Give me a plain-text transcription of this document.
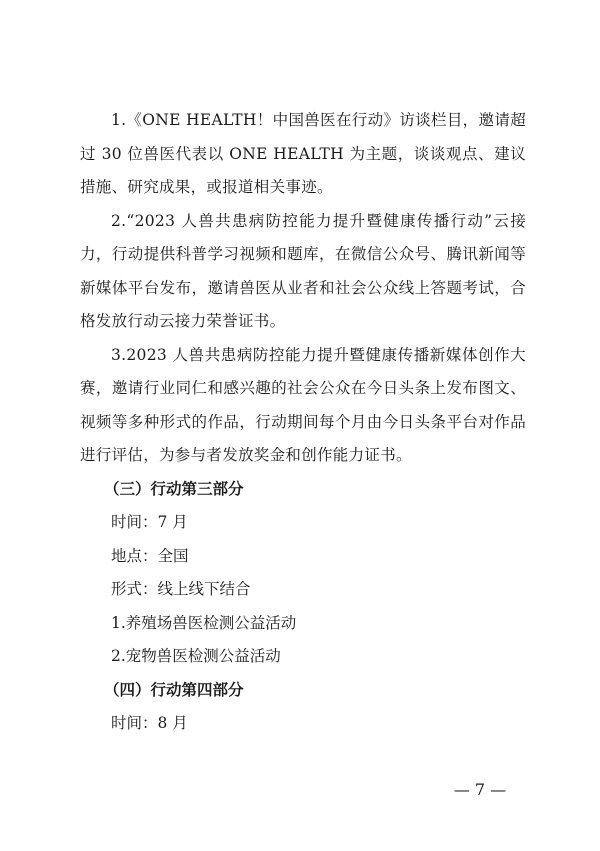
1.《ONE HEALTH！中国兽医在行动》访谈栏目，邀请超过 30 位兽医代表以 ONE HEALTH 为主题，谈谈观点、建议措施、研究成果，或报道相关事迹。

2.“2023 人兽共患病防控能力提升暨健康传播行动”云接力，行动提供科普学习视频和题库，在微信公众号、腾讯新闻等新媒体平台发布，邀请兽医从业者和社会公众线上答题考试，合格发放行动云接力荣誉证书。

3.2023 人兽共患病防控能力提升暨健康传播新媒体创作大赛，邀请行业同仁和感兴趣的社会公众在今日头条上发布图文、视频等多种形式的作品，行动期间每个月由今日头条平台对作品进行评估，为参与者发放奖金和创作能力证书。

（三）行动第三部分

时间：7 月

地点：全国

形式：线上线下结合

1.养殖场兽医检测公益活动

2.宠物兽医检测公益活动

（四）行动第四部分

时间：8 月

— 7 —
